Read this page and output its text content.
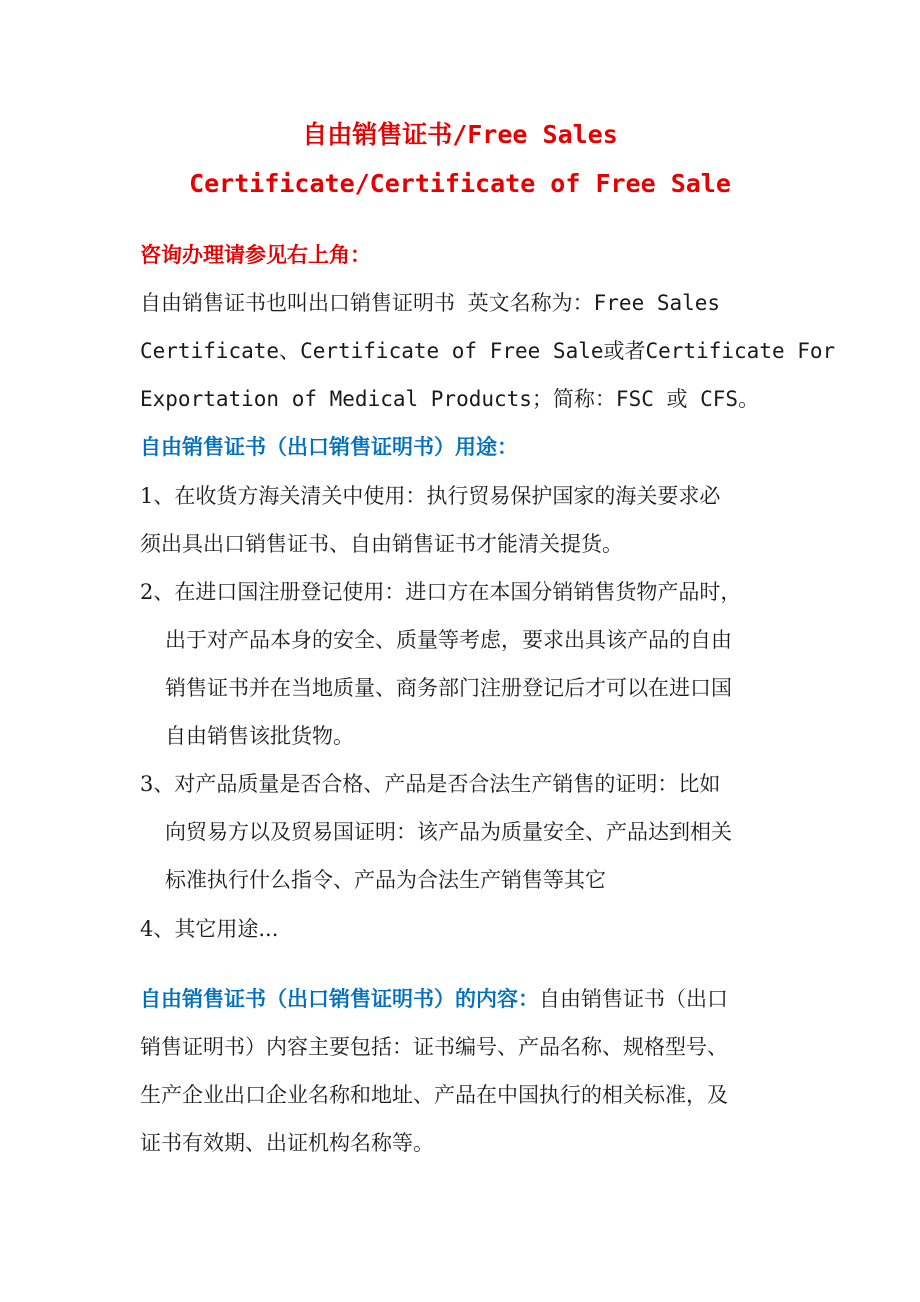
自由销售证书/Free Sales
Certificate/Certificate of Free Sale
咨询办理请参见右上角：
自由销售证书也叫出口销售证明书 英文名称为：Free Sales
Certificate、Certificate of Free Sale或者Certificate For
Exportation of Medical Products；简称：FSC 或 CFS。
自由销售证书（出口销售证明书）用途：
1、在收货方海关清关中使用：执行贸易保护国家的海关要求必
须出具出口销售证书、自由销售证书才能清关提货。
2、在进口国注册登记使用：进口方在本国分销销售货物产品时，
出于对产品本身的安全、质量等考虑，要求出具该产品的自由
销售证书并在当地质量、商务部门注册登记后才可以在进口国
自由销售该批货物。
3、对产品质量是否合格、产品是否合法生产销售的证明：比如
向贸易方以及贸易国证明：该产品为质量安全、产品达到相关
标准执行什么指令、产品为合法生产销售等其它
4、其它用途...
自由销售证书（出口销售证明书）的内容：自由销售证书（出口
销售证明书）内容主要包括：证书编号、产品名称、规格型号、
生产企业出口企业名称和地址、产品在中国执行的相关标准，及
证书有效期、出证机构名称等。
